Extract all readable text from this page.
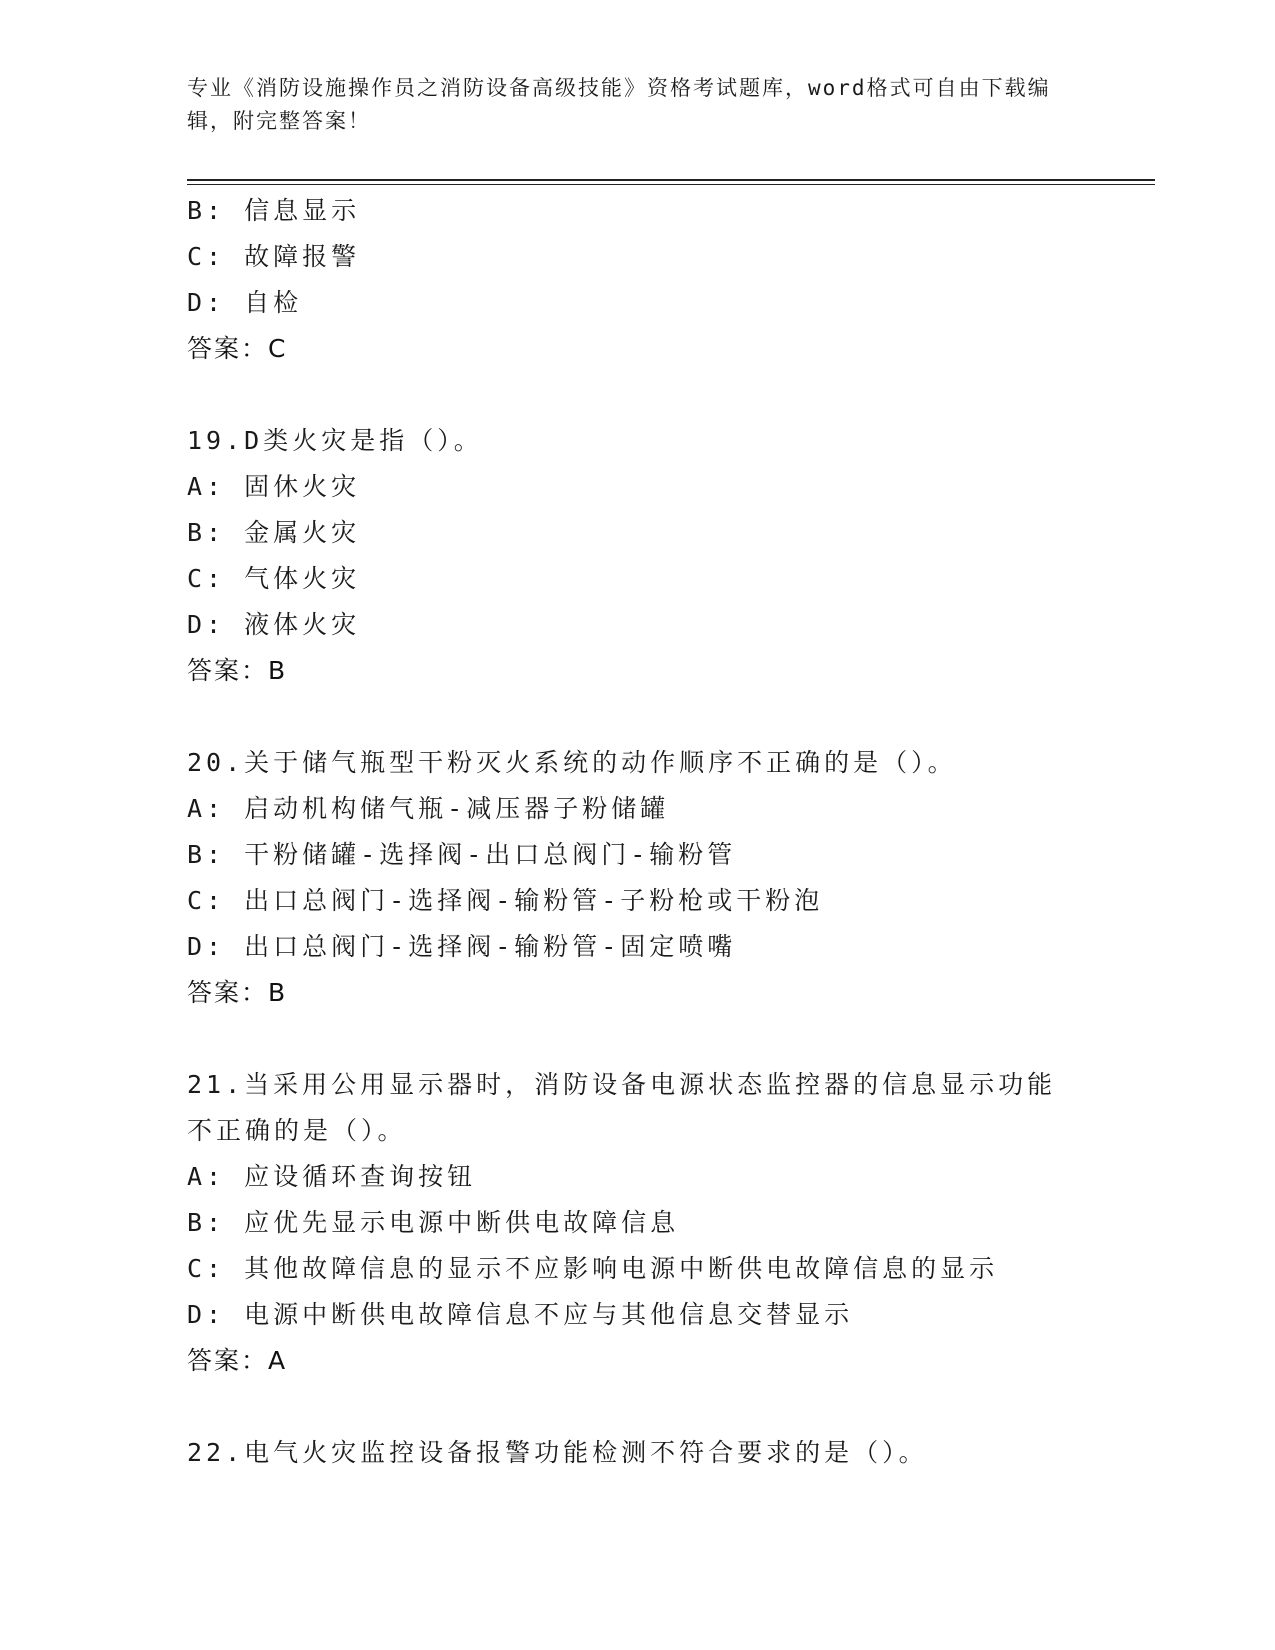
专业《消防设施操作员之消防设备高级技能》资格考试题库，word格式可自由下载编辑，附完整答案！
B: 信息显示
C: 故障报警
D: 自检
答案：C
19.D类火灾是指（）。
A: 固休火灾
B: 金属火灾
C: 气体火灾
D: 液体火灾
答案：B
20.关于储气瓶型干粉灭火系统的动作顺序不正确的是（）。
A: 启动机构储气瓶-减压器子粉储罐
B: 干粉储罐-选择阀-出口总阀门-输粉管
C: 出口总阀门-选择阀-输粉管-子粉枪或干粉泡
D: 出口总阀门-选择阀-输粉管-固定喷嘴
答案：B
21.当采用公用显示器时，消防设备电源状态监控器的信息显示功能不正确的是（）。
A: 应设循环查询按钮
B: 应优先显示电源中断供电故障信息
C: 其他故障信息的显示不应影响电源中断供电故障信息的显示
D: 电源中断供电故障信息不应与其他信息交替显示
答案：A
22.电气火灾监控设备报警功能检测不符合要求的是（）。
